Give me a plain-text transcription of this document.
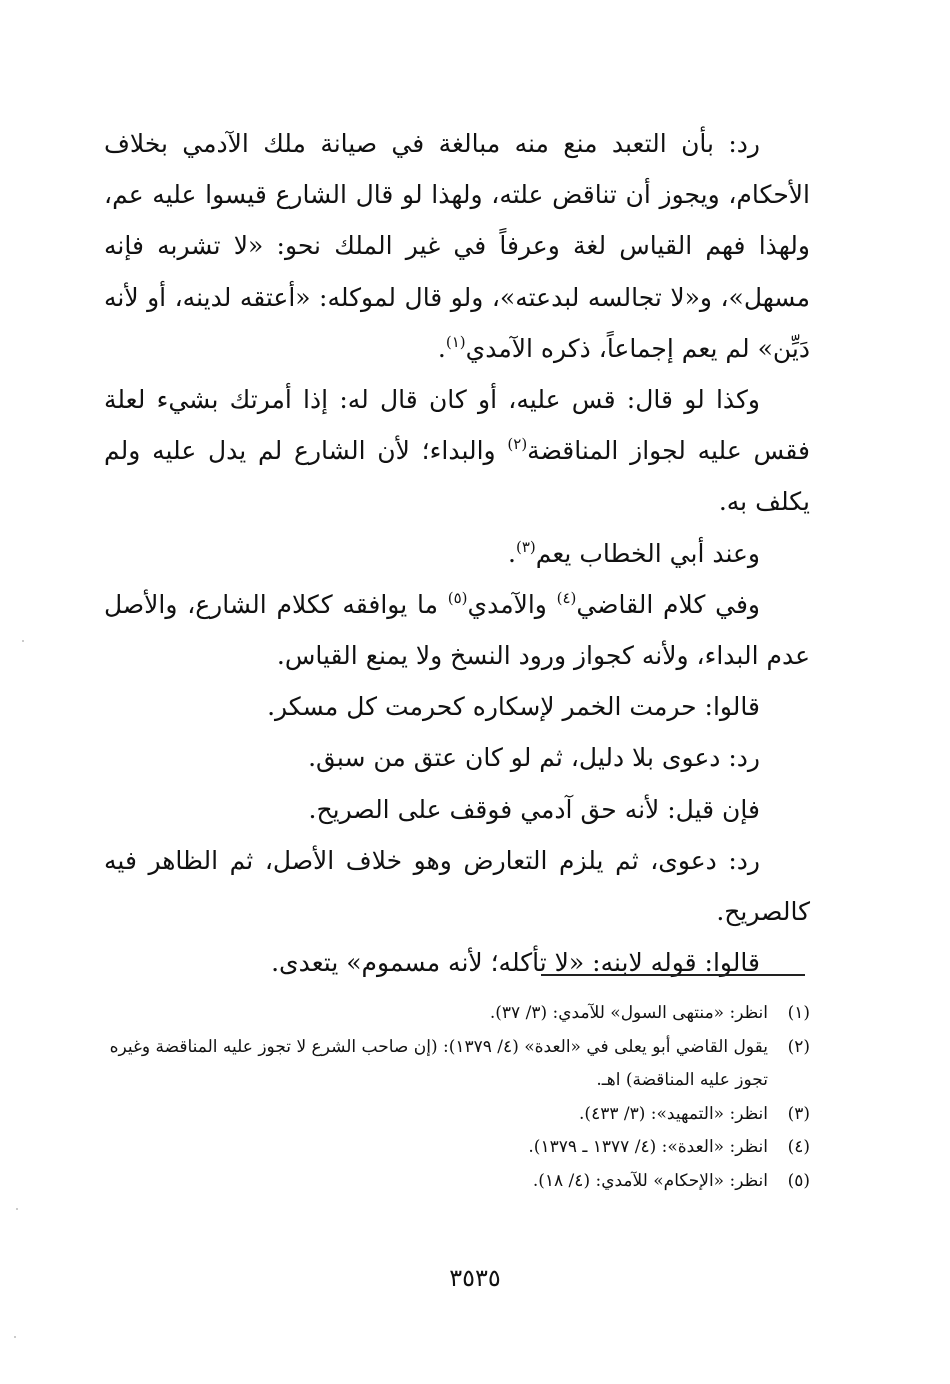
رد: بأن التعبد منع منه مبالغة في صيانة ملك الآدمي بخلاف الأحكام، ويجوز أن تناقض علته، ولهذا لو قال الشارع قيسوا عليه عم، ولهذا فهم القياس لغة وعرفاً في غير الملك نحو: «لا تشربه فإنه مسهل»، و«لا تجالسه لبدعته»، ولو قال لموكله: «أعتقه لدينه، أو لأنه دَيِّن» لم يعم إجماعاً، ذكره الآمدي$^{(١)}$.

وكذا لو قال: قس عليه، أو كان قال له: إذا أمرتك بشيء لعلة فقس عليه لجواز المناقضة$^{(٢)}$ والبداء؛ لأن الشارع لم يدل عليه ولم يكلف به.

وعند أبي الخطاب يعم$^{(٣)}$.

وفي كلام القاضي$^{(٤)}$ والآمدي$^{(٥)}$ ما يوافقه ككلام الشارع، والأصل عدم البداء، ولأنه كجواز ورود النسخ ولا يمنع القياس.

قالوا: حرمت الخمر لإسكاره كحرمت كل مسكر.

رد: دعوى بلا دليل، ثم لو كان عتق من سبق.

فإن قيل: لأنه حق آدمي فوقف على الصريح.

رد: دعوى، ثم يلزم التعارض وهو خلاف الأصل، ثم الظاهر فيه كالصريح.

قالوا: قوله لابنه: «لا تأكله؛ لأنه مسموم» يتعدى.

(١)
انظر: «منتهى السول» للآمدي: (٣/ ٣٧).

(٢)
يقول القاضي أبو يعلى في «العدة» (٤/ ١٣٧٩): (إن صاحب الشرع لا تجوز عليه المناقضة وغيره تجوز عليه المناقضة) اهـ.

(٣)
انظر: «التمهيد»: (٣/ ٤٣٣).

(٤)
انظر: «العدة»: (٤/ ١٣٧٧ ـ ١٣٧٩).

(٥)
انظر: «الإحكام» للآمدي: (٤/ ١٨).

٣٥٣٥
